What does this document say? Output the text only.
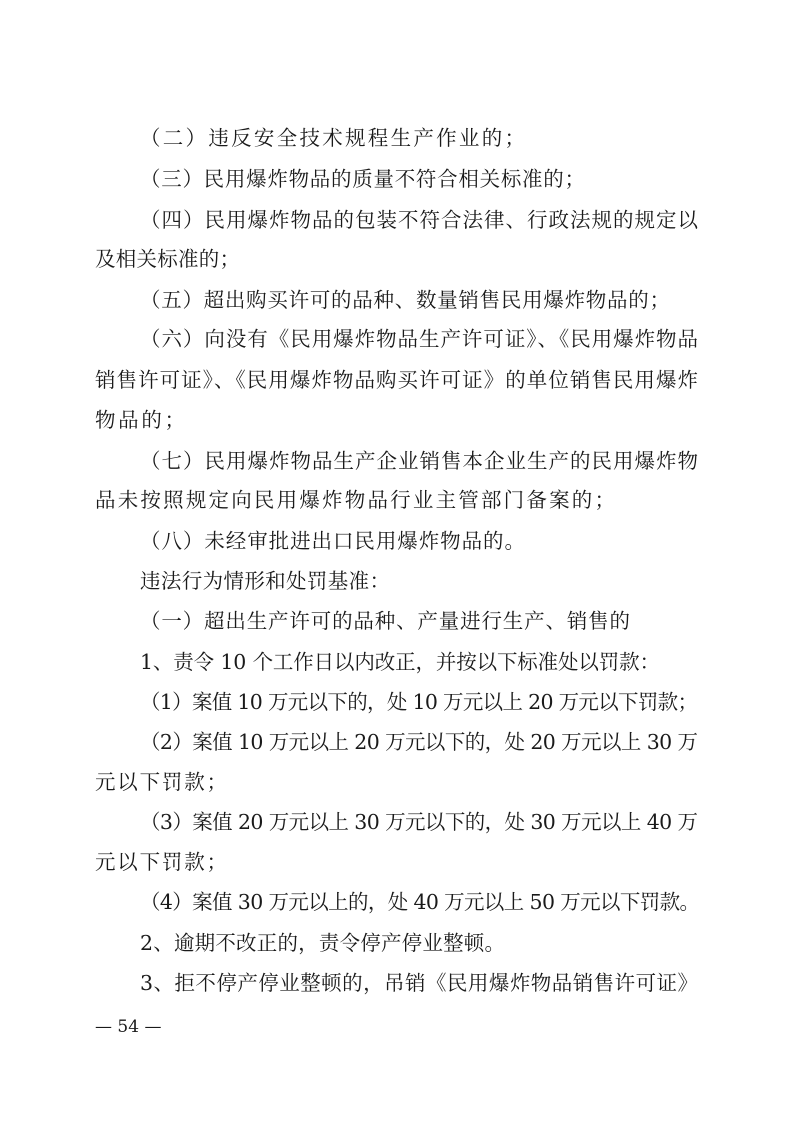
（二）违反安全技术规程生产作业的；
（三）民用爆炸物品的质量不符合相关标准的；
（四）民用爆炸物品的包装不符合法律、行政法规的规定以
及相关标准的；
（五）超出购买许可的品种、数量销售民用爆炸物品的；
（六）向没有《民用爆炸物品生产许可证》、《民用爆炸物品
销售许可证》、《民用爆炸物品购买许可证》的单位销售民用爆炸
物品的；
（七）民用爆炸物品生产企业销售本企业生产的民用爆炸物
品未按照规定向民用爆炸物品行业主管部门备案的；
（八）未经审批进出口民用爆炸物品的。
违法行为情形和处罚基准：
（一）超出生产许可的品种、产量进行生产、销售的
1、责令 10 个工作日以内改正，并按以下标准处以罚款：
（1）案值 10 万元以下的，处 10 万元以上 20 万元以下罚款；
（2）案值 10 万元以上 20 万元以下的，处 20 万元以上 30 万
元以下罚款；
（3）案值 20 万元以上 30 万元以下的，处 30 万元以上 40 万
元以下罚款；
（4）案值 30 万元以上的，处 40 万元以上 50 万元以下罚款。
2、逾期不改正的，责令停产停业整顿。
3、拒不停产停业整顿的，吊销《民用爆炸物品销售许可证》
— 54 —
